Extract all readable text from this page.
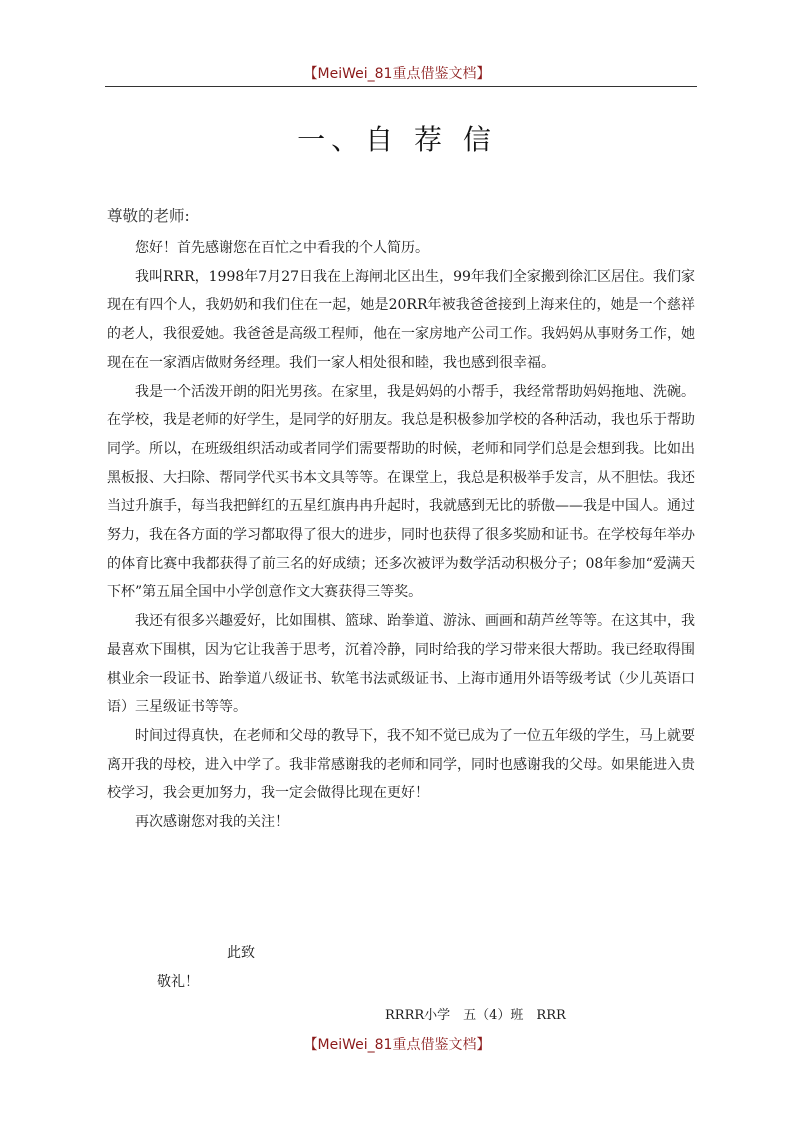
【MeiWei_81重点借鉴文档】
一、自 荐 信
尊敬的老师:

您好！首先感谢您在百忙之中看我的个人简历。

我叫RRR，1998年7月27日我在上海闸北区出生，99年我们全家搬到徐汇区居住。我们家现在有四个人，我奶奶和我们住在一起，她是20RR年被我爸爸接到上海来住的，她是一个慈祥的老人，我很爱她。我爸爸是高级工程师，他在一家房地产公司工作。我妈妈从事财务工作，她现在在一家酒店做财务经理。我们一家人相处很和睦，我也感到很幸福。

我是一个活泼开朗的阳光男孩。在家里，我是妈妈的小帮手，我经常帮助妈妈拖地、洗碗。在学校，我是老师的好学生，是同学的好朋友。我总是积极参加学校的各种活动，我也乐于帮助同学。所以，在班级组织活动或者同学们需要帮助的时候，老师和同学们总是会想到我。比如出黑板报、大扫除、帮同学代买书本文具等等。在课堂上，我总是积极举手发言，从不胆怯。我还当过升旗手，每当我把鲜红的五星红旗冉冉升起时，我就感到无比的骄傲——我是中国人。通过努力，我在各方面的学习都取得了很大的进步，同时也获得了很多奖励和证书。在学校每年举办的体育比赛中我都获得了前三名的好成绩；还多次被评为数学活动积极分子；08年参加“爱满天下杯”第五届全国中小学创意作文大赛获得三等奖。

我还有很多兴趣爱好，比如围棋、篮球、跆拳道、游泳、画画和葫芦丝等等。在这其中，我最喜欢下围棋，因为它让我善于思考，沉着冷静，同时给我的学习带来很大帮助。我已经取得围棋业余一段证书、跆拳道八级证书、软笔书法贰级证书、上海市通用外语等级考试（少儿英语口语）三星级证书等等。

时间过得真快，在老师和父母的教导下，我不知不觉已成为了一位五年级的学生，马上就要离开我的母校，进入中学了。我非常感谢我的老师和同学，同时也感谢我的父母。如果能进入贵校学习，我会更加努力，我一定会做得比现在更好！

再次感谢您对我的关注！

此致
敬礼！
RRRR小学　五（4）班　RRR
【MeiWei_81重点借鉴文档】
